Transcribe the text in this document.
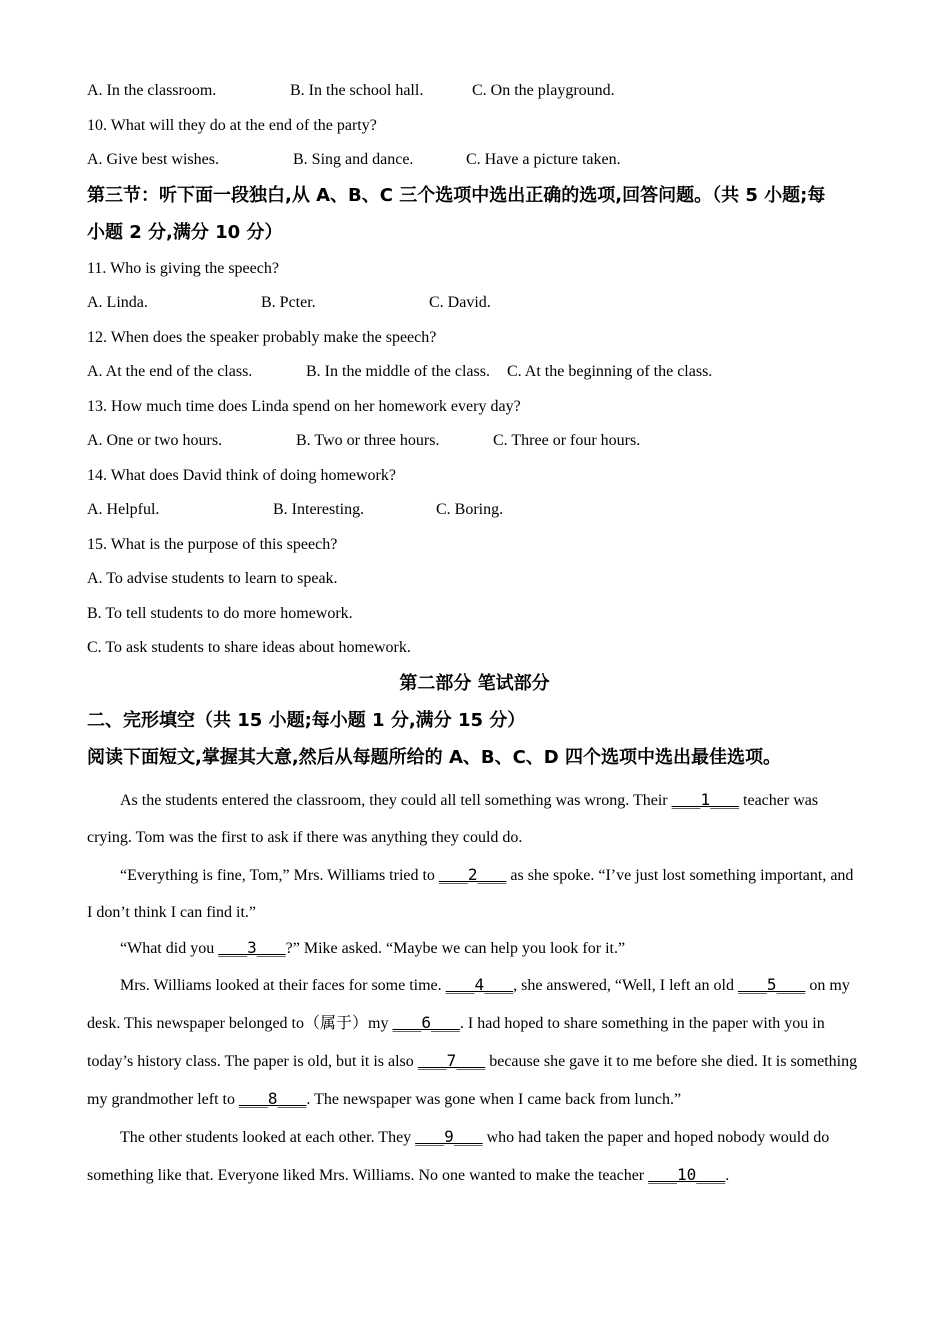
A. In the classroom.	B. In the school hall.	C. On the playground.
10. What will they do at the end of the party?
A. Give best wishes.	B. Sing and dance.	C. Have a picture taken.
第三节：听下面一段独白,从 A、B、C 三个选项中选出正确的选项,回答问题。（共 5 小题;每
小题 2 分,满分 10 分）
11. Who is giving the speech?
A. Linda.	B. Pcter.	C. David.
12. When does the speaker probably make the speech?
A. At the end of the class.	B. In the middle of the class. C. At the beginning of the class.
13. How much time does Linda spend on her homework every day?
A. One or two hours.	B. Two or three hours.	C. Three or four hours.
14. What does David think of doing homework?
A. Helpful.	B. Interesting.	C. Boring.
15. What is the purpose of this speech?
A. To advise students to learn to speak.
B. To tell students to do more homework.
C. To ask students to share ideas about homework.
第二部分 笔试部分
二、完形填空（共 15 小题;每小题 1 分,满分 15 分）
阅读下面短文,掌握其大意,然后从每题所给的 A、B、C、D 四个选项中选出最佳选项。

As the students entered the classroom, they could all tell something was wrong. Their ___1___ teacher was crying. Tom was the first to ask if there was anything they could do.

“Everything is fine, Tom,” Mrs. Williams tried to ___2___ as she spoke. “I’ve just lost something important, and I don’t think I can find it.”

“What did you ___3___?” Mike asked. “Maybe we can help you look for it.”

Mrs. Williams looked at their faces for some time. ___4___, she answered, “Well, I left an old ___5___ on my desk. This newspaper belonged to（属于）my ___6___. I had hoped to share something in the paper with you in today’s history class. The paper is old, but it is also ___7___ because she gave it to me before she died. It is something my grandmother left to ___8___. The newspaper was gone when I came back from lunch.”

The other students looked at each other. They ___9___ who had taken the paper and hoped nobody would do something like that. Everyone liked Mrs. Williams. No one wanted to make the teacher ___10___.
